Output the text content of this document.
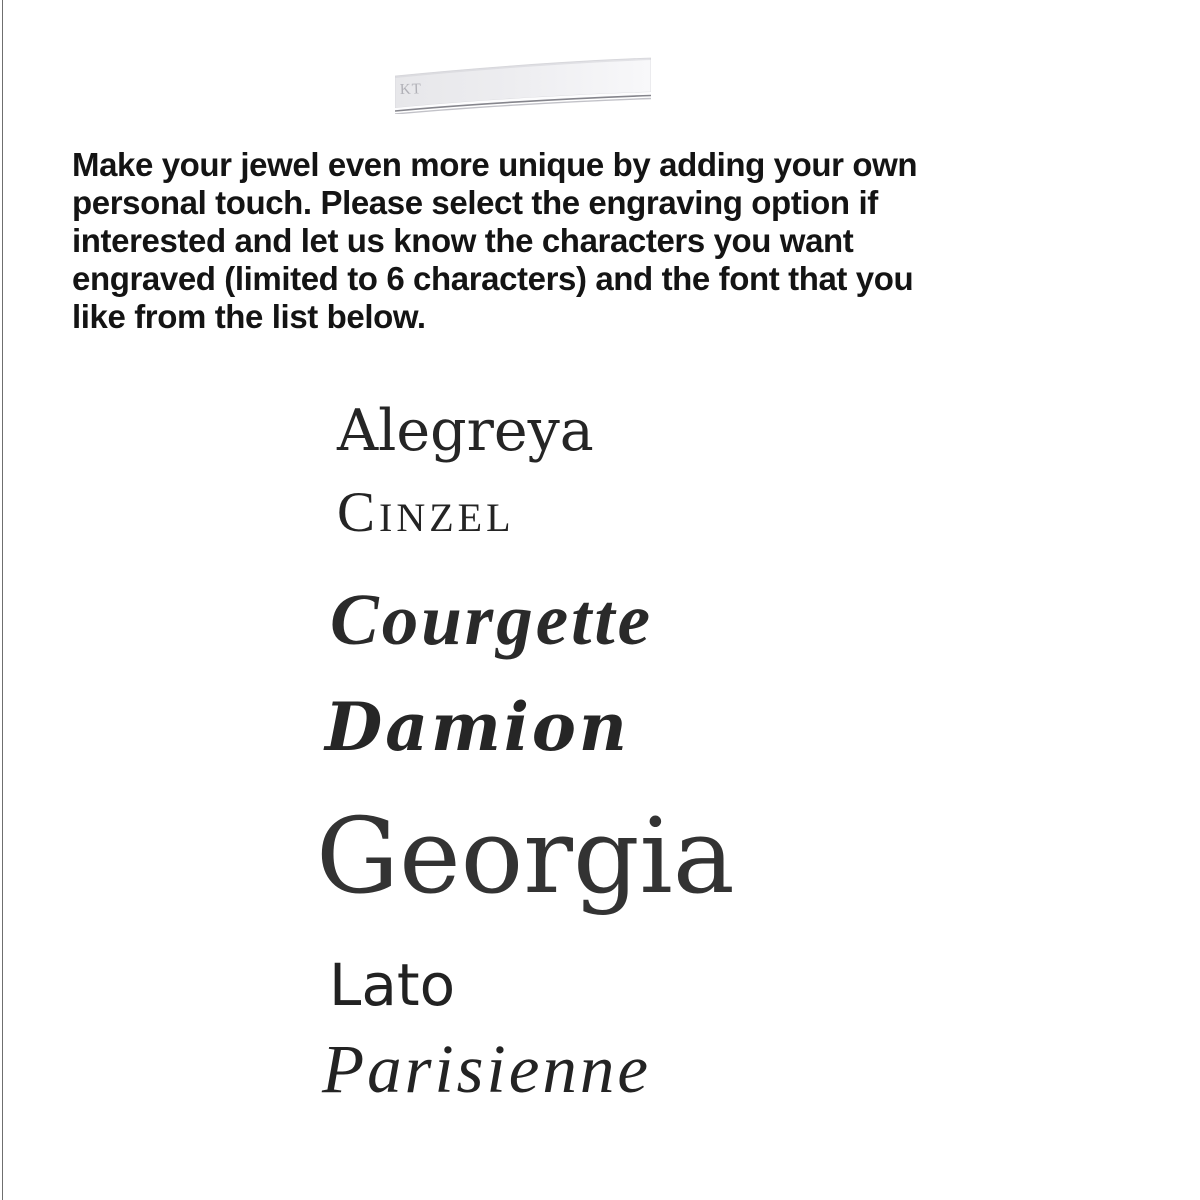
KT
Make your jewel even more unique by adding your own
personal touch. Please select the engraving option if
interested and let us know the characters you want
engraved (limited to 6 characters) and the font that you
like from the list below.
Alegreya
Cinzel
Courgette
Damion
Georgia
Lato
Parisienne
